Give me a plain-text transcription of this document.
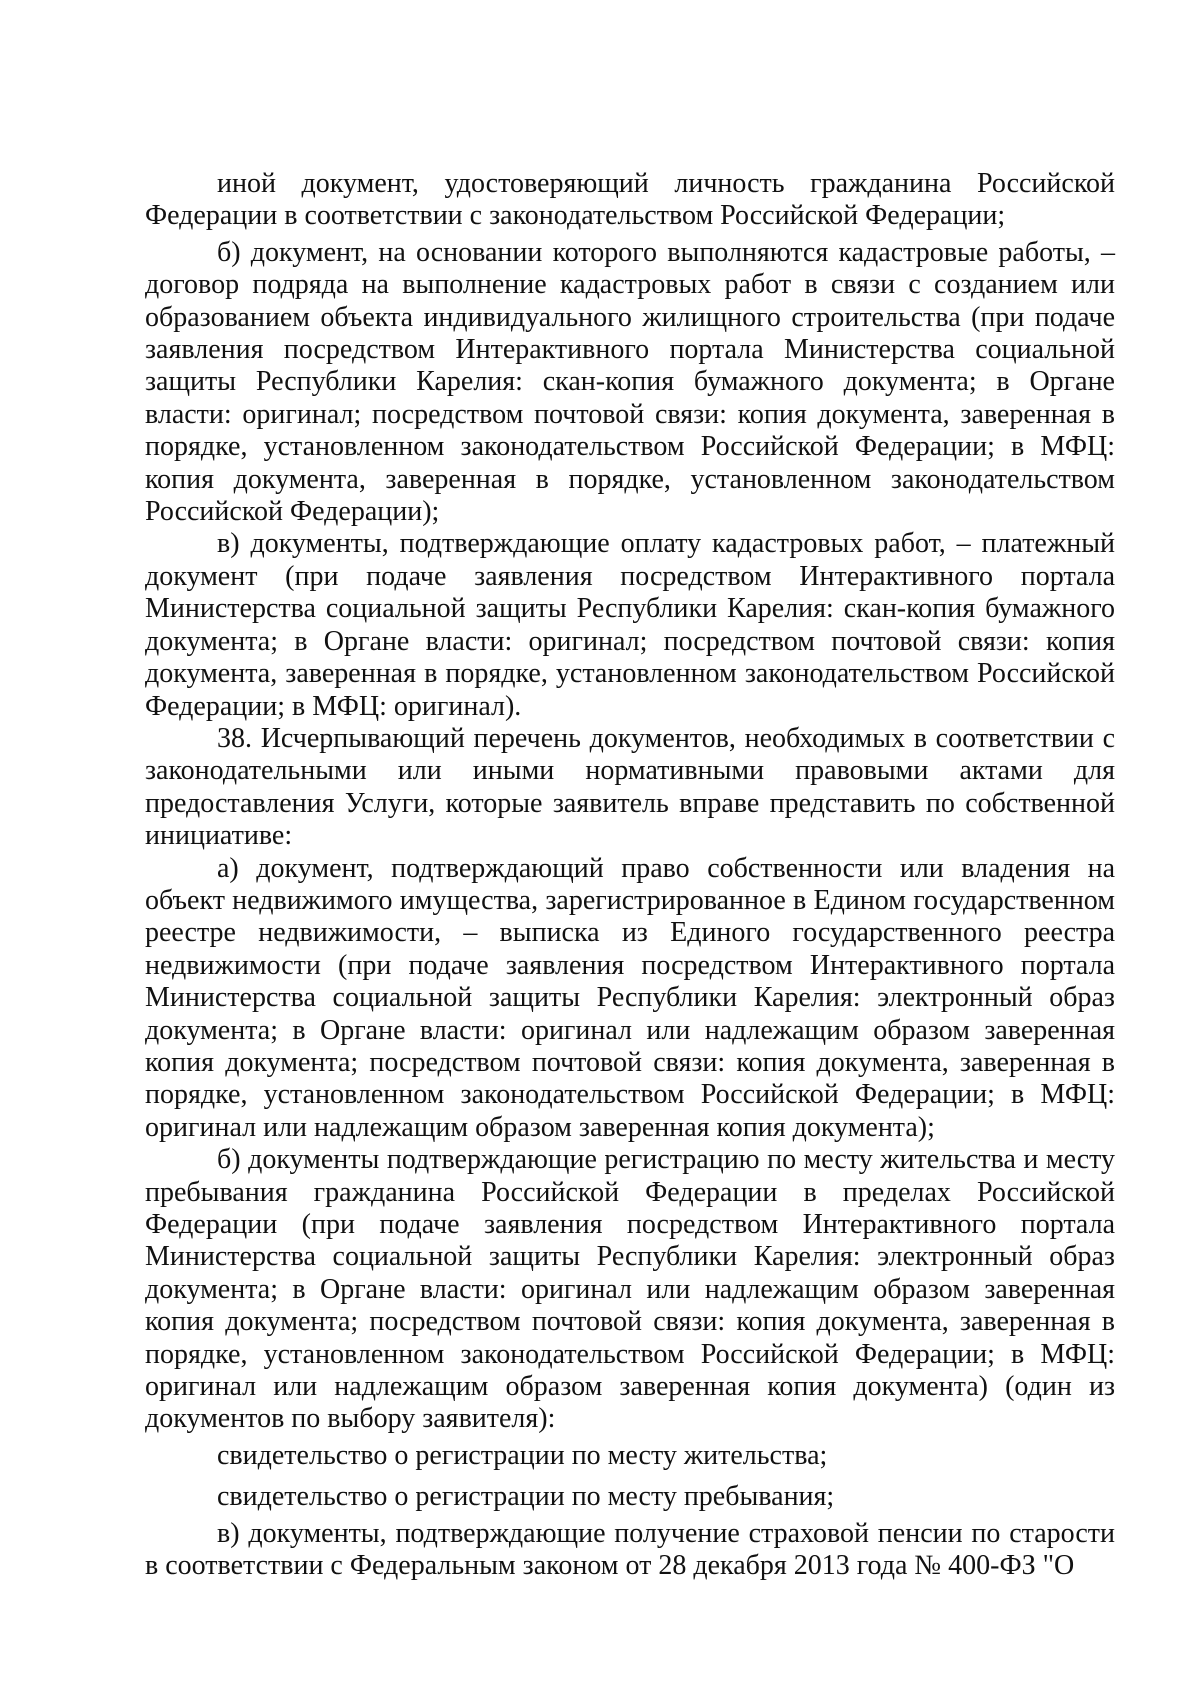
иной документ, удостоверяющий личность гражданина Российской Федерации в соответствии с законодательством Российской Федерации;

б) документ, на основании которого выполняются кадастровые работы, – договор подряда на выполнение кадастровых работ в связи с созданием или образованием объекта индивидуального жилищного строительства (при подаче заявления посредством Интерактивного портала Министерства социальной защиты Республики Карелия: скан-копия бумажного документа; в Органе власти: оригинал; посредством почтовой связи: копия документа, заверенная в порядке, установленном законодательством Российской Федерации; в МФЦ: копия документа, заверенная в порядке, установленном законодательством Российской Федерации);

в) документы, подтверждающие оплату кадастровых работ, – платежный документ (при подаче заявления посредством Интерактивного портала Министерства социальной защиты Республики Карелия: скан-копия бумажного документа; в Органе власти: оригинал; посредством почтовой связи: копия документа, заверенная в порядке, установленном законодательством Российской Федерации; в МФЦ: оригинал).

38. Исчерпывающий перечень документов, необходимых в соответствии с законодательными или иными нормативными правовыми актами для предоставления Услуги, которые заявитель вправе представить по собственной инициативе:

а) документ, подтверждающий право собственности или владения на объект недвижимого имущества, зарегистрированное в Едином государственном реестре недвижимости, – выписка из Единого государственного реестра недвижимости (при подаче заявления посредством Интерактивного портала Министерства социальной защиты Республики Карелия: электронный образ документа; в Органе власти: оригинал или надлежащим образом заверенная копия документа; посредством почтовой связи: копия документа, заверенная в порядке, установленном законодательством Российской Федерации; в МФЦ: оригинал или надлежащим образом заверенная копия документа);

б) документы подтверждающие регистрацию по месту жительства и месту пребывания гражданина Российской Федерации в пределах Российской Федерации (при подаче заявления посредством Интерактивного портала Министерства социальной защиты Республики Карелия: электронный образ документа; в Органе власти: оригинал или надлежащим образом заверенная копия документа; посредством почтовой связи: копия документа, заверенная в порядке, установленном законодательством Российской Федерации; в МФЦ: оригинал или надлежащим образом заверенная копия документа) (один из документов по выбору заявителя):

свидетельство о регистрации по месту жительства;

свидетельство о регистрации по месту пребывания;

в) документы, подтверждающие получение страховой пенсии по старости в соответствии с Федеральным законом от 28 декабря 2013 года № 400-ФЗ "О
